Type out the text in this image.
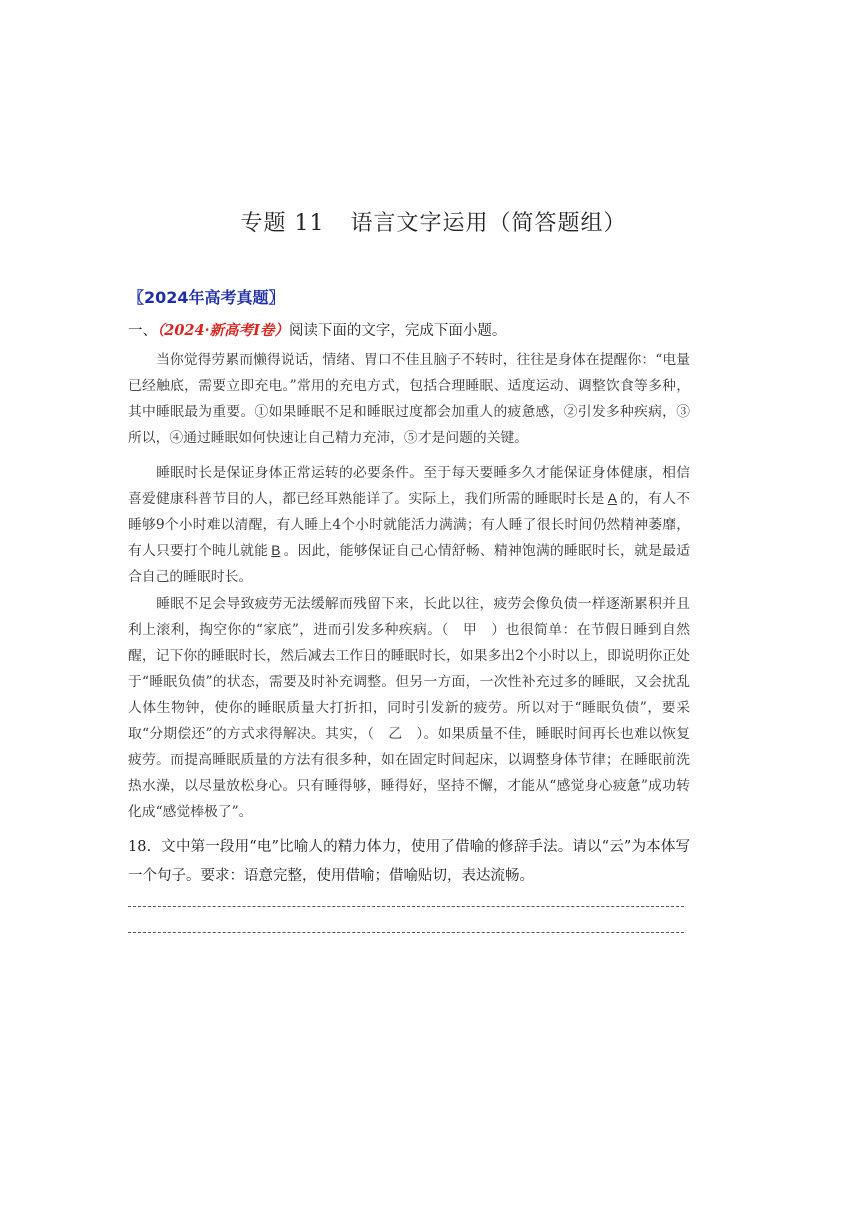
专题 11 语言文字运用（简答题组）
〖2024年高考真题〗
一、（2024·新高考Ⅰ卷）阅读下面的文字，完成下面小题。

当你觉得劳累而懒得说话，情绪、胃口不佳且脑子不转时，往往是身体在提醒你：“电量已经触底，需要立即充电。”常用的充电方式，包括合理睡眠、适度运动、调整饮食等多种，其中睡眠最为重要。①如果睡眠不足和睡眠过度都会加重人的疲惫感，②引发多种疾病，③所以，④通过睡眠如何快速让自己精力充沛，⑤才是问题的关键。

睡眠时长是保证身体正常运转的必要条件。至于每天要睡多久才能保证身体健康，相信喜爱健康科普节目的人，都已经耳熟能详了。实际上，我们所需的睡眠时长是 A 的，有人不睡够9个小时难以清醒，有人睡上4个小时就能活力满满；有人睡了很长时间仍然精神萎靡，有人只要打个盹儿就能 B 。因此，能够保证自己心情舒畅、精神饱满的睡眠时长，就是最适合自己的睡眠时长。

睡眠不足会导致疲劳无法缓解而残留下来，长此以往，疲劳会像负债一样逐渐累积并且利上滚利，掏空你的“家底”，进而引发多种疾病。（　甲　）也很简单：在节假日睡到自然醒，记下你的睡眠时长，然后减去工作日的睡眠时长，如果多出2个小时以上，即说明你正处于“睡眠负债”的状态，需要及时补充调整。但另一方面，一次性补充过多的睡眠，又会扰乱人体生物钟，使你的睡眠质量大打折扣，同时引发新的疲劳。所以对于“睡眠负债”，要采取“分期偿还”的方式求得解决。其实，（　乙　）。如果质量不佳，睡眠时间再长也难以恢复疲劳。而提高睡眠质量的方法有很多种，如在固定时间起床，以调整身体节律；在睡眠前洗热水澡，以尽量放松身心。只有睡得够，睡得好，坚持不懈，才能从“感觉身心疲惫”成功转化成“感觉棒极了”。

18．文中第一段用“电”比喻人的精力体力，使用了借喻的修辞手法。请以“云”为本体写一个句子。要求：语意完整，使用借喻；借喻贴切，表达流畅。
